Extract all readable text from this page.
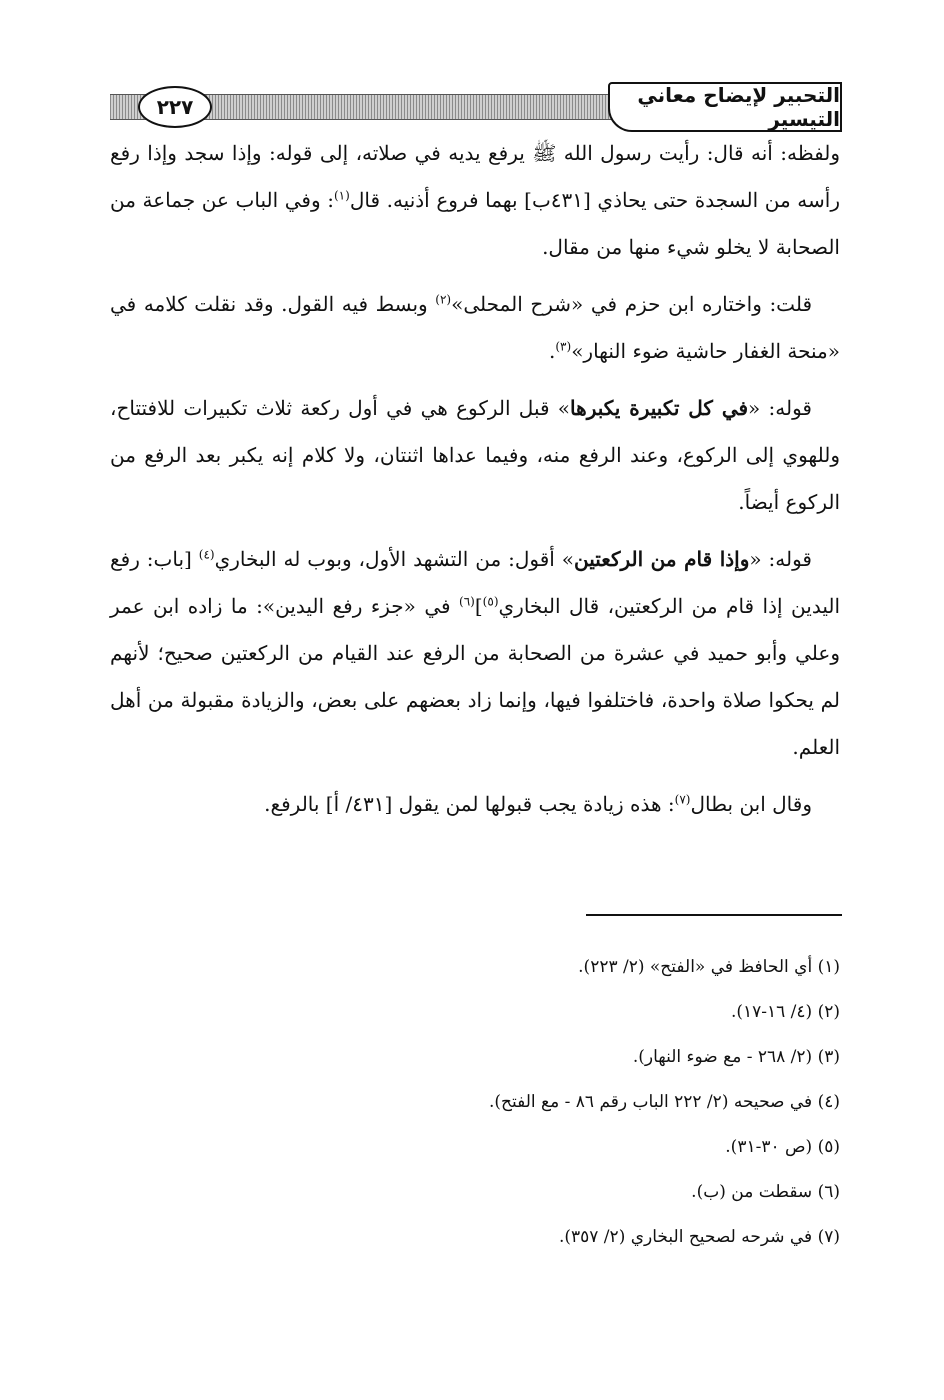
٢٢٧	التحبير لإيضاح معاني التيسير

ولفظه: أنه قال: رأيت رسول الله ﷺ يرفع يديه في صلاته، إلى قوله: وإذا سجد وإذا رفع رأسه من السجدة حتى يحاذي [٤٣١ب] بهما فروع أذنيه. قال$^{(١)}$: وفي الباب عن جماعة من الصحابة لا يخلو شيء منها من مقال.

قلت: واختاره ابن حزم في «شرح المحلى»$^{(٢)}$ وبسط فيه القول. وقد نقلت كلامه في «منحة الغفار حاشية ضوء النهار»$^{(٣)}$.

قوله: «في كل تكبيرة يكبرها» قبل الركوع هي في أول ركعة ثلاث تكبيرات للافتتاح، وللهوي إلى الركوع، وعند الرفع منه، وفيما عداها اثنتان، ولا كلام إنه يكبر بعد الرفع من الركوع أيضاً.

قوله: «وإذا قام من الركعتين» أقول: من التشهد الأول، وبوب له البخاري$^{(٤)}$ [باب: رفع اليدين إذا قام من الركعتين، قال البخاري$^{(٥)}$]$^{(٦)}$ في «جزء رفع اليدين»: ما زاده ابن عمر وعلي وأبو حميد في عشرة من الصحابة من الرفع عند القيام من الركعتين صحيح؛ لأنهم لم يحكوا صلاة واحدة، فاختلفوا فيها، وإنما زاد بعضهم على بعض، والزيادة مقبولة من أهل العلم.

وقال ابن بطال$^{(٧)}$: هذه زيادة يجب قبولها لمن يقول [٤٣١/ أ] بالرفع.

(١) أي الحافظ في «الفتح» (٢/ ٢٢٣).
(٢) (٤/ ١٦-١٧).
(٣) (٢/ ٢٦٨ - مع ضوء النهار).
(٤) في صحيحه (٢/ ٢٢٢ الباب رقم ٨٦ - مع الفتح).
(٥) (ص ٣٠-٣١).
(٦) سقطت من (ب).
(٧) في شرحه لصحيح البخاري (٢/ ٣٥٧).
